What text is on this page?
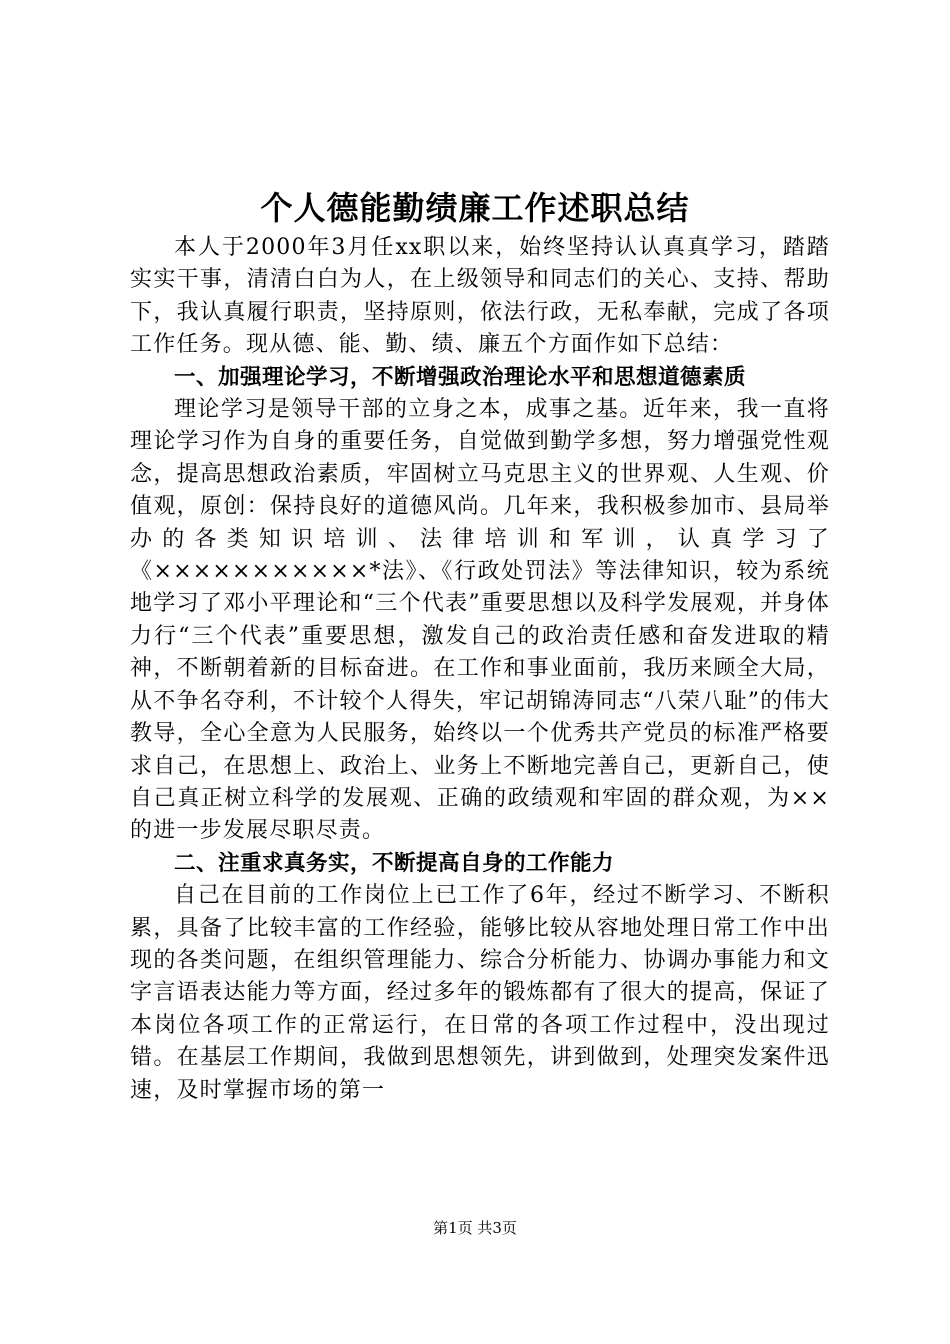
个人德能勤绩廉工作述职总结

本人于2000年3月任xx职以来，始终坚持认认真真学习，踏踏实实干事，清清白白为人，在上级领导和同志们的关心、支持、帮助下，我认真履行职责，坚持原则，依法行政，无私奉献，完成了各项工作任务。现从德、能、勤、绩、廉五个方面作如下总结：

一、加强理论学习，不断增强政治理论水平和思想道德素质

理论学习是领导干部的立身之本，成事之基。近年来，我一直将理论学习作为自身的重要任务，自觉做到勤学多想，努力增强党性观念，提高思想政治素质，牢固树立马克思主义的世界观、人生观、价值观，原创：保持良好的道德风尚。几年来，我积极参加市、县局举办的各类知识培训、法律培训和军训，认真学习了《×××××××××××*法》、《行政处罚法》等法律知识，较为系统地学习了邓小平理论和“三个代表”重要思想以及科学发展观，并身体力行“三个代表”重要思想，激发自己的政治责任感和奋发进取的精神，不断朝着新的目标奋进。在工作和事业面前，我历来顾全大局，从不争名夺利，不计较个人得失，牢记胡锦涛同志“八荣八耻”的伟大教导，全心全意为人民服务，始终以一个优秀共产党员的标准严格要求自己，在思想上、政治上、业务上不断地完善自己，更新自己，使自己真正树立科学的发展观、正确的政绩观和牢固的群众观，为××的进一步发展尽职尽责。

二、注重求真务实，不断提高自身的工作能力

自己在目前的工作岗位上已工作了6年，经过不断学习、不断积累，具备了比较丰富的工作经验，能够比较从容地处理日常工作中出现的各类问题，在组织管理能力、综合分析能力、协调办事能力和文字言语表达能力等方面，经过多年的锻炼都有了很大的提高，保证了本岗位各项工作的正常运行，在日常的各项工作过程中，没出现过错。在基层工作期间，我做到思想领先，讲到做到，处理突发案件迅速，及时掌握市场的第一

第1页 共3页
